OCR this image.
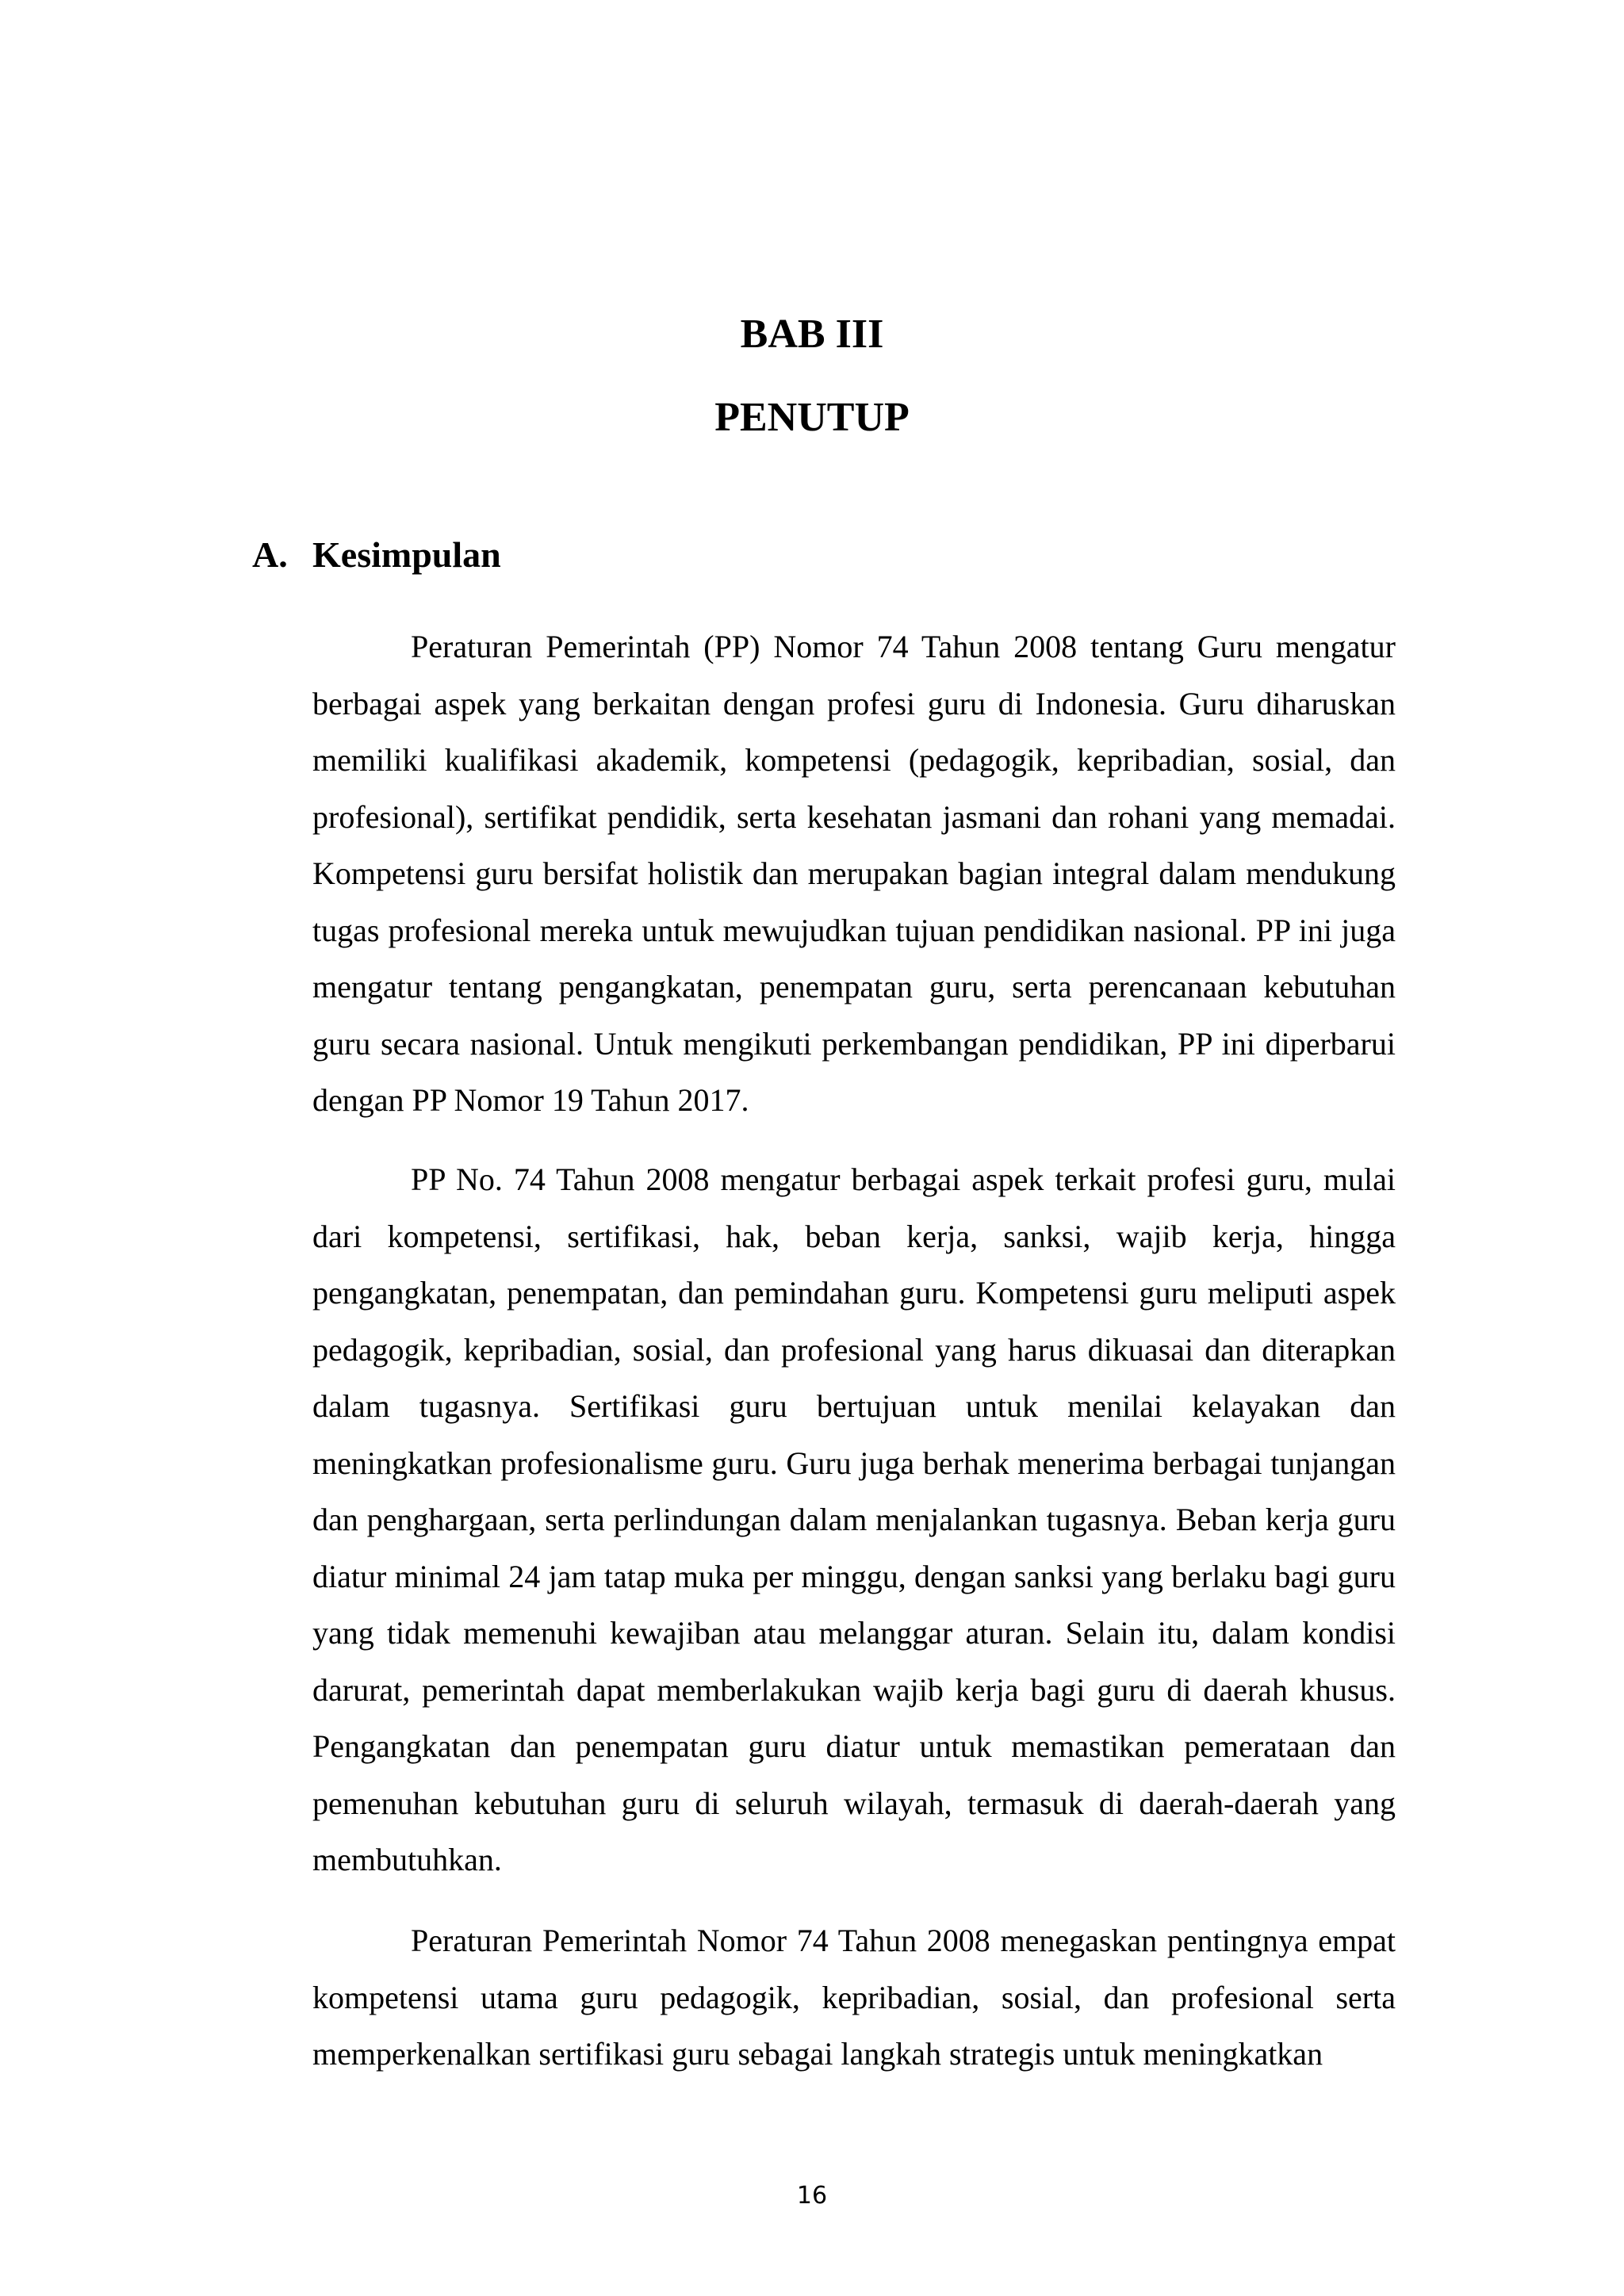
BAB III
PENUTUP
A. Kesimpulan

Peraturan Pemerintah (PP) Nomor 74 Tahun 2008 tentang Guru mengatur berbagai aspek yang berkaitan dengan profesi guru di Indonesia. Guru diharuskan memiliki kualifikasi akademik, kompetensi (pedagogik, kepribadian, sosial, dan profesional), sertifikat pendidik, serta kesehatan jasmani dan rohani yang memadai. Kompetensi guru bersifat holistik dan merupakan bagian integral dalam mendukung tugas profesional mereka untuk mewujudkan tujuan pendidikan nasional. PP ini juga mengatur tentang pengangkatan, penempatan guru, serta perencanaan kebutuhan guru secara nasional. Untuk mengikuti perkembangan pendidikan, PP ini diperbarui dengan PP Nomor 19 Tahun 2017.

PP No. 74 Tahun 2008 mengatur berbagai aspek terkait profesi guru, mulai dari kompetensi, sertifikasi, hak, beban kerja, sanksi, wajib kerja, hingga pengangkatan, penempatan, dan pemindahan guru. Kompetensi guru meliputi aspek pedagogik, kepribadian, sosial, dan profesional yang harus dikuasai dan diterapkan dalam tugasnya. Sertifikasi guru bertujuan untuk menilai kelayakan dan meningkatkan profesionalisme guru. Guru juga berhak menerima berbagai tunjangan dan penghargaan, serta perlindungan dalam menjalankan tugasnya. Beban kerja guru diatur minimal 24 jam tatap muka per minggu, dengan sanksi yang berlaku bagi guru yang tidak memenuhi kewajiban atau melanggar aturan. Selain itu, dalam kondisi darurat, pemerintah dapat memberlakukan wajib kerja bagi guru di daerah khusus. Pengangkatan dan penempatan guru diatur untuk memastikan pemerataan dan pemenuhan kebutuhan guru di seluruh wilayah, termasuk di daerah-daerah yang membutuhkan.

Peraturan Pemerintah Nomor 74 Tahun 2008 menegaskan pentingnya empat kompetensi utama guru pedagogik, kepribadian, sosial, dan profesional serta memperkenalkan sertifikasi guru sebagai langkah strategis untuk meningkatkan

16
